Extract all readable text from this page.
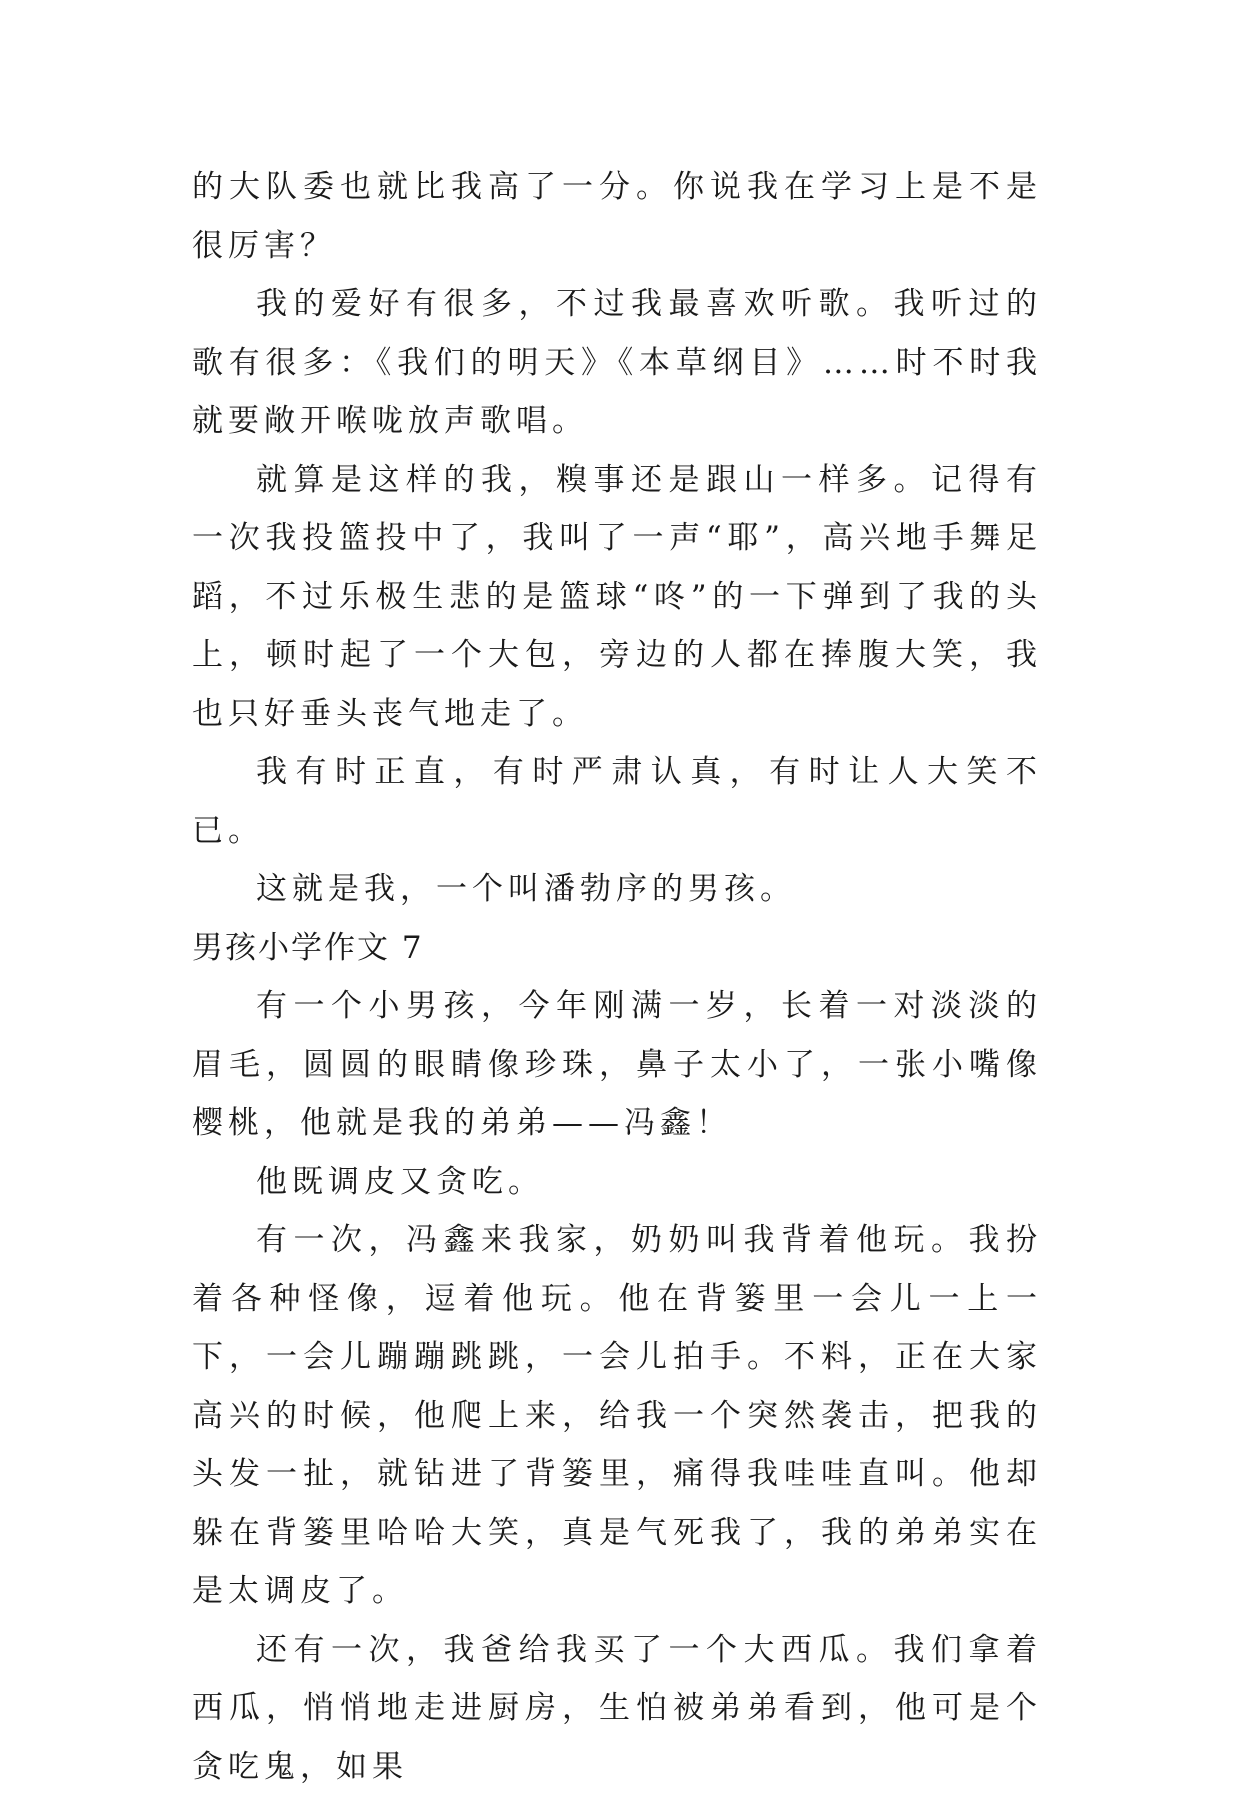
的大队委也就比我高了一分。你说我在学习上是不是很厉害？

我的爱好有很多，不过我最喜欢听歌。我听过的歌有很多：《我们的明天》《本草纲目》……时不时我就要敞开喉咙放声歌唱。

就算是这样的我，糗事还是跟山一样多。记得有一次我投篮投中了，我叫了一声“耶”，高兴地手舞足蹈，不过乐极生悲的是篮球“咚”的一下弹到了我的头上，顿时起了一个大包，旁边的人都在捧腹大笑，我也只好垂头丧气地走了。

我有时正直，有时严肃认真，有时让人大笑不已。

这就是我，一个叫潘勃序的男孩。

男孩小学作文 7

有一个小男孩，今年刚满一岁，长着一对淡淡的眉毛，圆圆的眼睛像珍珠，鼻子太小了，一张小嘴像樱桃，他就是我的弟弟——冯鑫！

他既调皮又贪吃。

有一次，冯鑫来我家，奶奶叫我背着他玩。我扮着各种怪像，逗着他玩。他在背篓里一会儿一上一下，一会儿蹦蹦跳跳，一会儿拍手。不料，正在大家高兴的时候，他爬上来，给我一个突然袭击，把我的头发一扯，就钻进了背篓里，痛得我哇哇直叫。他却躲在背篓里哈哈大笑，真是气死我了，我的弟弟实在是太调皮了。

还有一次，我爸给我买了一个大西瓜。我们拿着西瓜，悄悄地走进厨房，生怕被弟弟看到，他可是个贪吃鬼，如果
